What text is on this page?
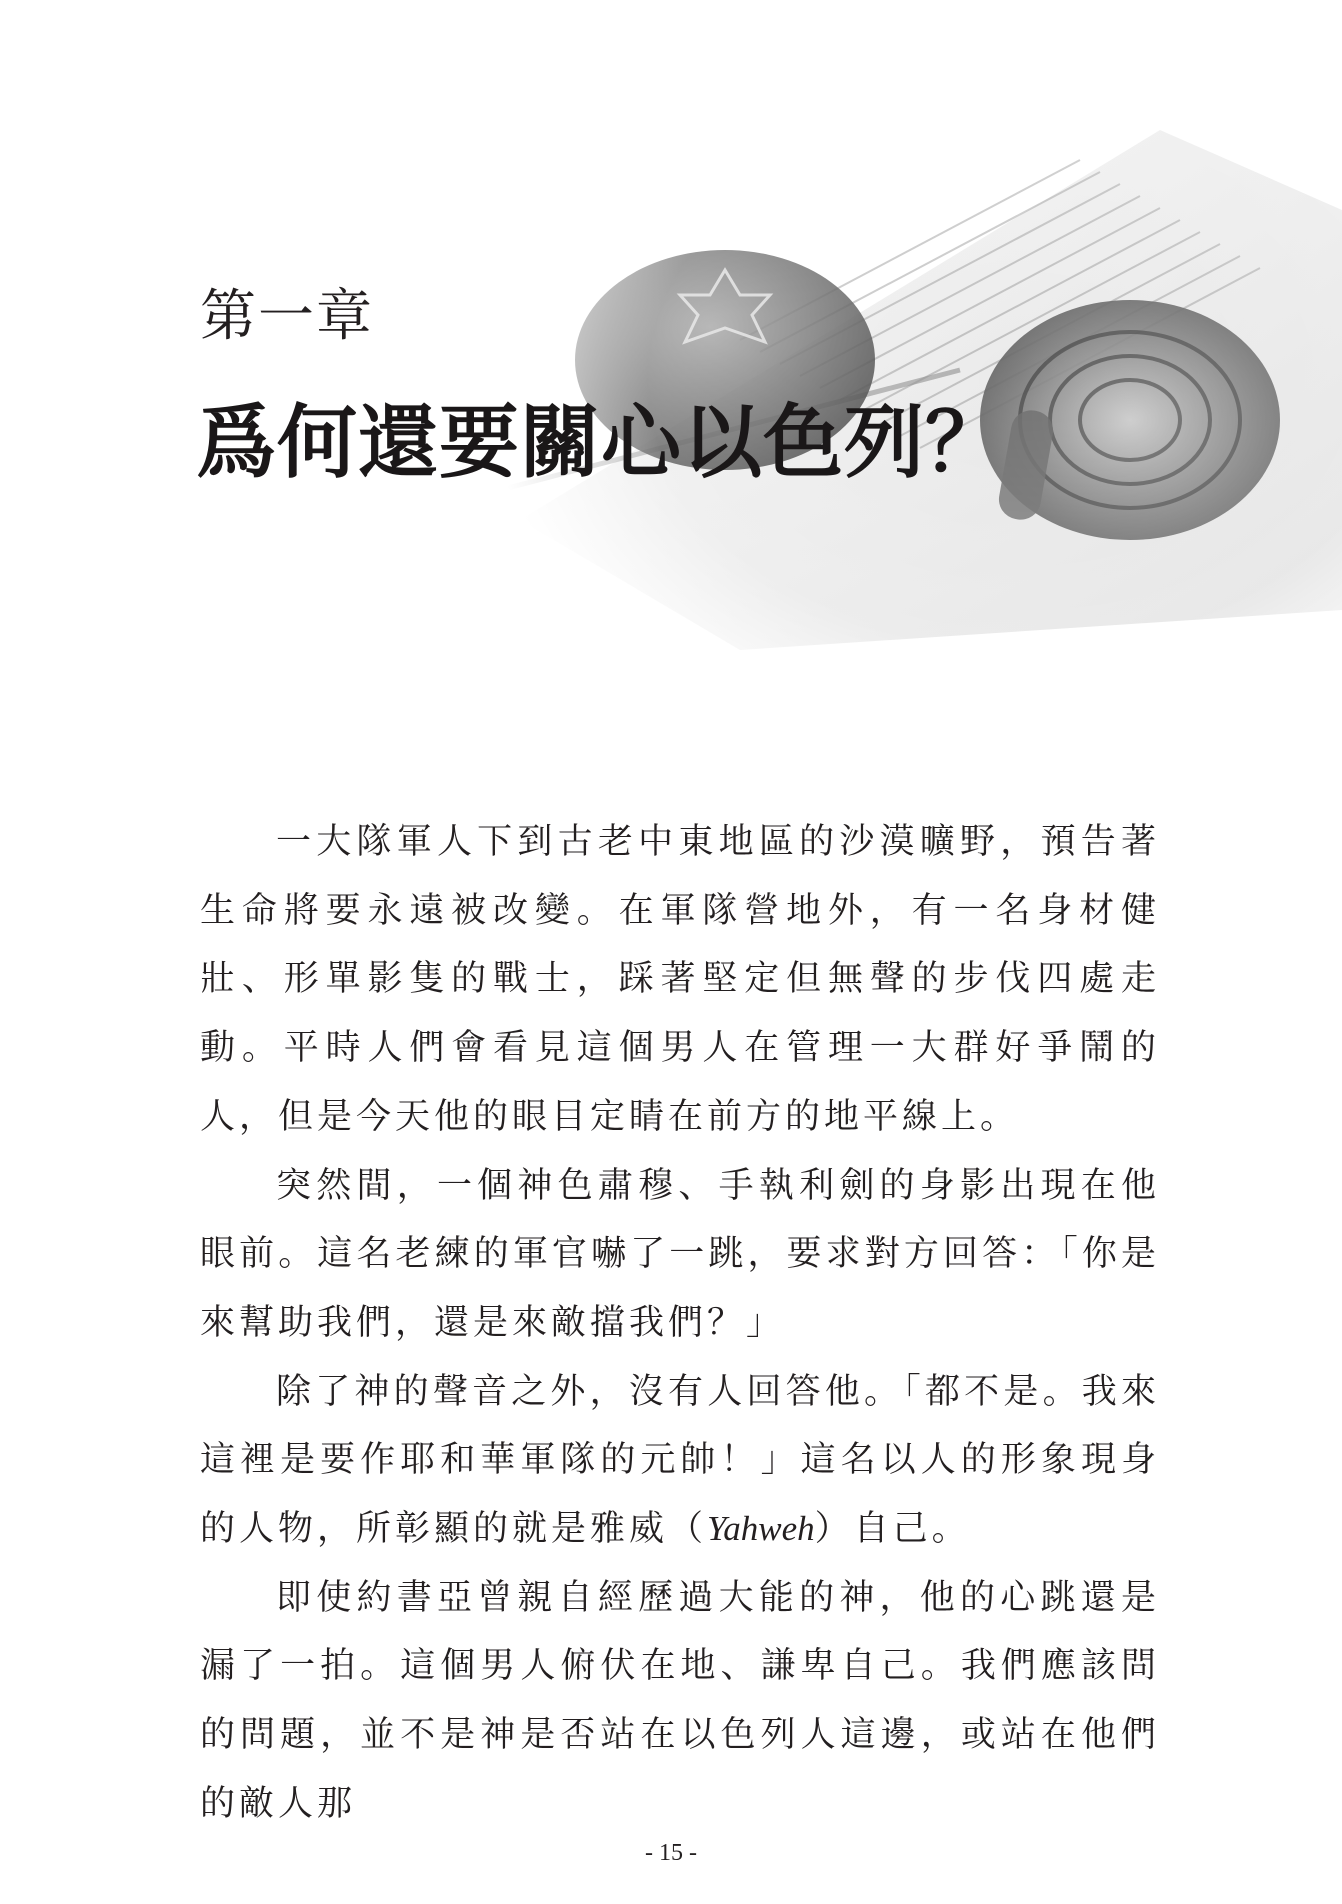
第一章
爲何還要關心以色列？

一大隊軍人下到古老中東地區的沙漠曠野，預告著生命將要永遠被改變。在軍隊營地外，有一名身材健壯、形單影隻的戰士，踩著堅定但無聲的步伐四處走動。平時人們會看見這個男人在管理一大群好爭鬧的人，但是今天他的眼目定睛在前方的地平線上。

突然間，一個神色肅穆、手執利劍的身影出現在他眼前。這名老練的軍官嚇了一跳，要求對方回答：「你是來幫助我們，還是來敵擋我們？」

除了神的聲音之外，沒有人回答他。「都不是。我來這裡是要作耶和華軍隊的元帥！」這名以人的形象現身的人物，所彰顯的就是雅威（Yahweh）自己。

即使約書亞曾親自經歷過大能的神，他的心跳還是漏了一拍。這個男人俯伏在地、謙卑自己。我們應該問的問題，並不是神是否站在以色列人這邊，或站在他們的敵人那

- 15 -
